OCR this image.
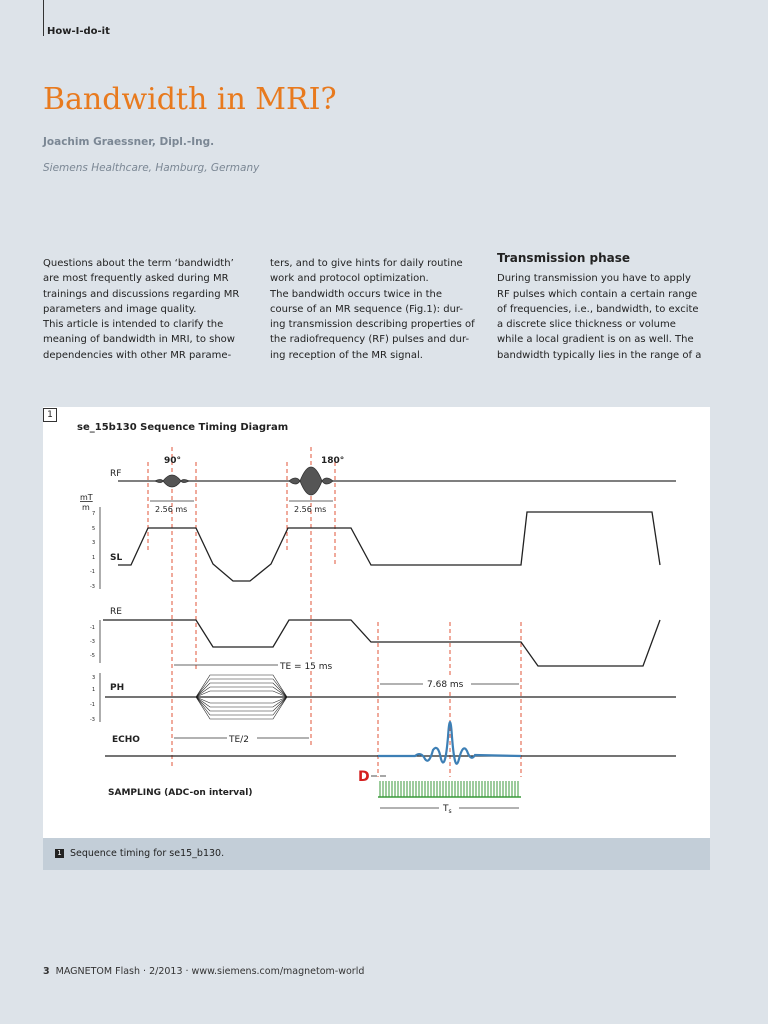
How-I-do-it
Bandwidth in MRI?
Joachim Graessner, Dipl.-Ing.
Siemens Healthcare, Hamburg, Germany

Questions about the term ‘bandwidth’

are most frequently asked during MR

trainings and discussions regarding MR

parameters and image quality.

This article is intended to clarify the

meaning of bandwidth in MRI, to show

dependencies with other MR parame-

ters, and to give hints for daily routine

work and protocol optimization.

The bandwidth occurs twice in the

course of an MR sequence (Fig.1): dur-

ing transmission describing properties of

the radiofrequency (RF) pulses and dur-

ing reception of the MR signal.

Transmission phase

During transmission you have to apply

RF pulses which contain a certain range

of frequencies, i.e., bandwidth, to excite

a discrete slice thickness or volume

while a local gradient is on as well. The

bandwidth typically lies in the range of a

se_15b130 Sequence Timing Diagram
RF
90°	180°
2.56 ms	2.56 ms
mT
m
7
5
3
1
-1
-3
SL
RE
-1
-3
-5
TE = 15 ms
7.68 ms
PH
3
1
-1
-3
TE/2
ECHO
D
SAMPLING (ADC-on interval)
$T_s$
1
1 Sequence timing for se15_b130.
3 MAGNETOM Flash · 2/2013 · www.siemens.com/magnetom-world
